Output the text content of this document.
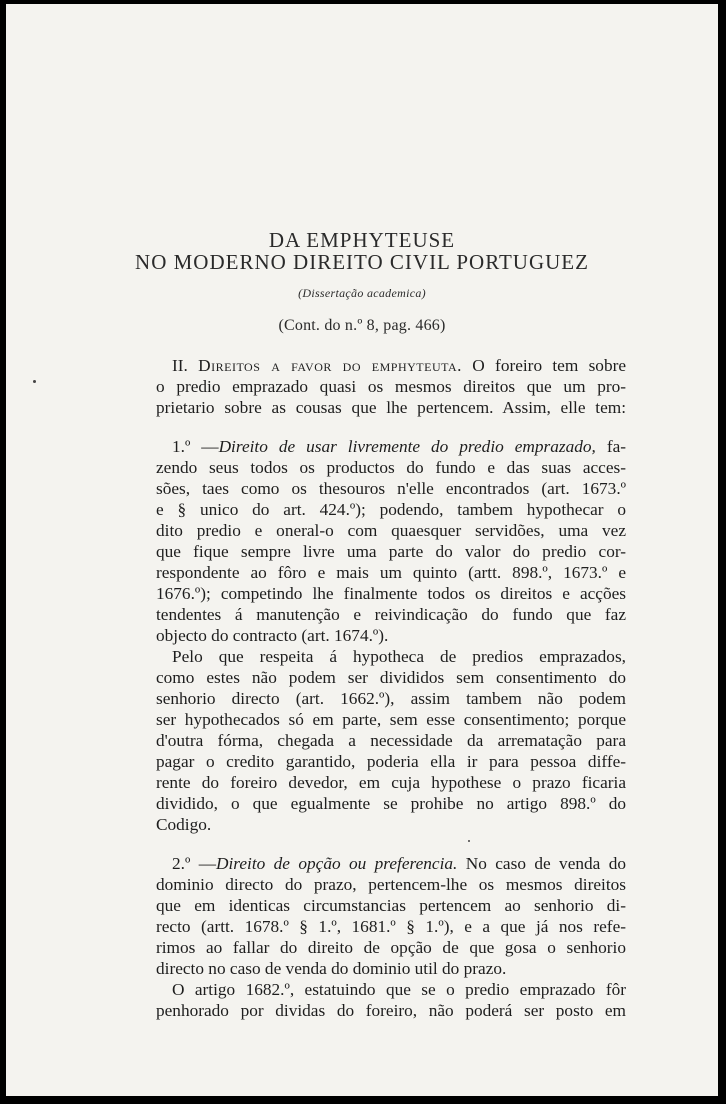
DA EMPHYTEUSE
NO MODERNO DIREITO CIVIL PORTUGUEZ
(Dissertação academica)
(Cont. do n.º 8, pag. 466)
II. Direitos a favor do emphyteuta. O foreiro tem sobre
o predio emprazado quasi os mesmos direitos que um pro-
prietario sobre as cousas que lhe pertencem. Assim, elle tem:
1.º —Direito de usar livremente do predio emprazado, fa-
zendo seus todos os productos do fundo e das suas acces-
sões, taes como os thesouros n'elle encontrados (art. 1673.º
e § unico do art. 424.º); podendo, tambem hypothecar o
dito predio e oneral-o com quaesquer servidões, uma vez
que fique sempre livre uma parte do valor do predio cor-
respondente ao fôro e mais um quinto (artt. 898.º, 1673.º e
1676.º); competindo lhe finalmente todos os direitos e acções
tendentes á manutenção e reivindicação do fundo que faz
objecto do contracto (art. 1674.º).
Pelo que respeita á hypotheca de predios emprazados,
como estes não podem ser divididos sem consentimento do
senhorio directo (art. 1662.º), assim tambem não podem
ser hypothecados só em parte, sem esse consentimento; porque
d'outra fórma, chegada a necessidade da arrematação para
pagar o credito garantido, poderia ella ir para pessoa diffe-
rente do foreiro devedor, em cuja hypothese o prazo ficaria
dividido, o que egualmente se prohibe no artigo 898.º do
Codigo.
2.º —Direito de opção ou preferencia. No caso de venda do
dominio directo do prazo, pertencem-lhe os mesmos direitos
que em identicas circumstancias pertencem ao senhorio di-
recto (artt. 1678.º § 1.º, 1681.º § 1.º), e a que já nos refe-
rimos ao fallar do direito de opção de que gosa o senhorio
directo no caso de venda do dominio util do prazo.
O artigo 1682.º, estatuindo que se o predio emprazado fôr
penhorado por dividas do foreiro, não poderá ser posto em
